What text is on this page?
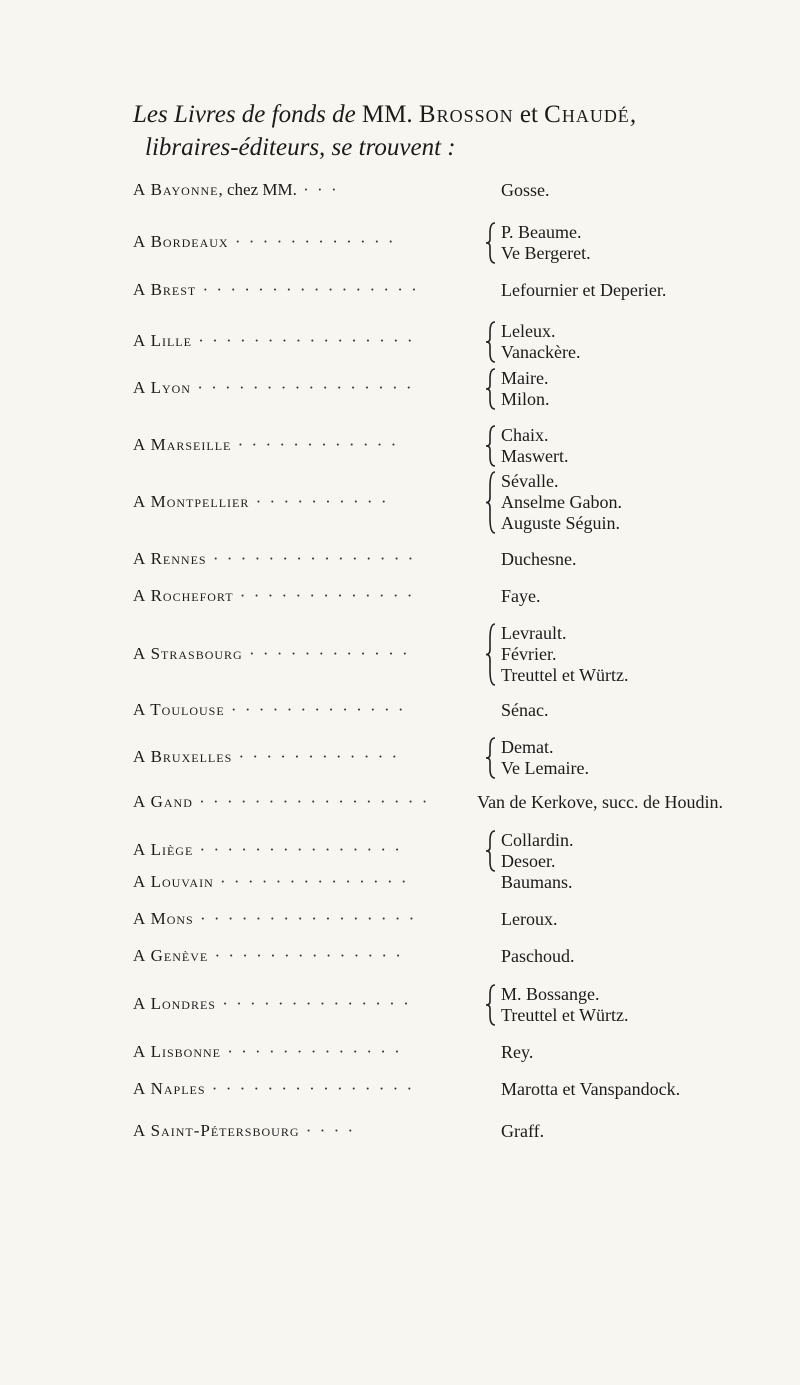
Les Livres de fonds de MM. Brosson et Chaudé,
libraires-éditeurs, se trouvent :
A Bayonne, chez MM. · · ·	Gosse.
A Bordeaux · · · · · · · · · · · ·	P. Beaume.
Ve Bergeret.
A Brest · · · · · · · · · · · · · · · ·	Lefournier et Deperier.
A Lille · · · · · · · · · · · · · · · ·	Leleux.
Vanackère.
A Lyon · · · · · · · · · · · · · · · ·	Maire.
Milon.
A Marseille · · · · · · · · · · · ·	Chaix.
Maswert.
A Montpellier · · · · · · · · · ·
Sévalle.
Anselme Gabon.
Auguste Séguin.
A Rennes · · · · · · · · · · · · · · ·	Duchesne.
A Rochefort · · · · · · · · · · · · ·	Faye.
A Strasbourg · · · · · · · · · · · ·
Levrault.
Février.
Treuttel et Würtz.
A Toulouse · · · · · · · · · · · · ·	Sénac.
A Bruxelles · · · · · · · · · · · ·	Demat.
Ve Lemaire.
A Gand · · · · · · · · · · · · · · · · ·	Van de Kerkove, succ. de Houdin.
A Liège · · · · · · · · · · · · · · ·	Collardin.
Desoer.
A Louvain · · · · · · · · · · · · · ·	Baumans.
A Mons · · · · · · · · · · · · · · · ·	Leroux.
A Genève · · · · · · · · · · · · · ·	Paschoud.
A Londres · · · · · · · · · · · · · ·	M. Bossange.
Treuttel et Würtz.
A Lisbonne · · · · · · · · · · · · ·	Rey.
A Naples · · · · · · · · · · · · · · ·	Marotta et Vanspandock.
A Saint-Pétersbourg · · · ·	Graff.
